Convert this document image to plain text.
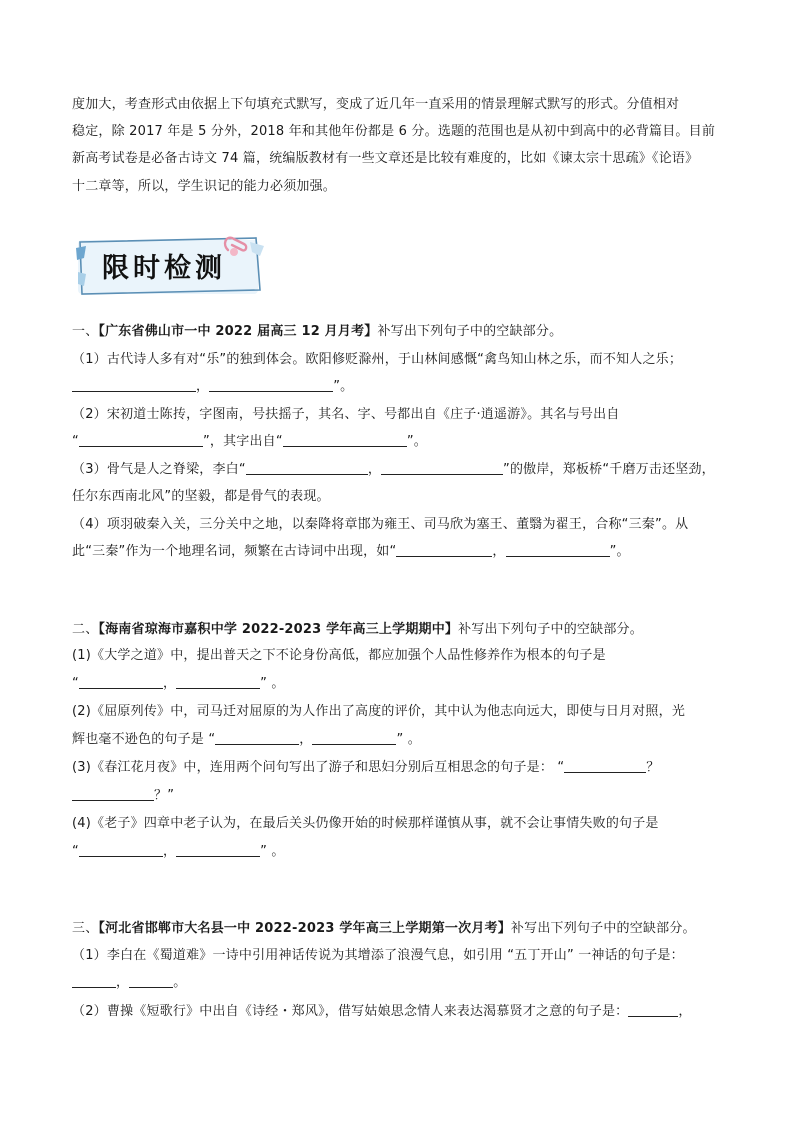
度加大，考查形式由依据上下句填充式默写，变成了近几年一直采用的情景理解式默写的形式。分值相对
稳定，除 2017 年是 5 分外，2018 年和其他年份都是 6 分。选题的范围也是从初中到高中的必背篇目。目前
新高考试卷是必备古诗文 74 篇，统编版教材有一些文章还是比较有难度的，比如《谏太宗十思疏》《论语》
十二章等，所以，学生识记的能力必须加强。
限时检测
一、【广东省佛山市一中 2022 届高三 12 月月考】补写出下列句子中的空缺部分。
（1）古代诗人多有对“乐”的独到体会。欧阳修贬滁州，于山林间感慨“禽鸟知山林之乐，而不知人之乐；
，	”。
（2）宋初道士陈抟，字图南，号扶摇子，其名、字、号都出自《庄子·逍遥游》。其名与号出自
“	”，其字出自“	”。
（3）骨气是人之脊梁，李白“	，	”的傲岸，郑板桥“千磨万击还坚劲，
任尔东西南北风”的坚毅，都是骨气的表现。
（4）项羽破秦入关，三分关中之地，以秦降将章邯为雍王、司马欣为塞王、董翳为翟王，合称“三秦”。从
此“三秦”作为一个地理名词，频繁在古诗词中出现，如“	，	”。
二、【海南省琼海市嘉积中学 2022-2023 学年高三上学期期中】补写出下列句子中的空缺部分。
(1)《大学之道》中，提出普天之下不论身份高低，都应加强个人品性修养作为根本的句子是
“	，	” 。
(2)《屈原列传》中，司马迁对屈原的为人作出了高度的评价，其中认为他志向远大，即使与日月对照，光
辉也毫不逊色的句子是 “	，	” 。
(3)《春江花月夜》中，连用两个问句写出了游子和思妇分别后互相思念的句子是： “	？
？”
(4)《老子》四章中老子认为，在最后关头仍像开始的时候那样谨慎从事，就不会让事情失败的句子是
“	，	” 。
三、【河北省邯郸市大名县一中 2022-2023 学年高三上学期第一次月考】补写出下列句子中的空缺部分。
（1）李白在《蜀道难》一诗中引用神话传说为其增添了浪漫气息，如引用 “五丁开山” 一神话的句子是：
，	。
（2）曹操《短歌行》中出自《诗经・郑风》，借写姑娘思念情人来表达渴慕贤才之意的句子是：	，
